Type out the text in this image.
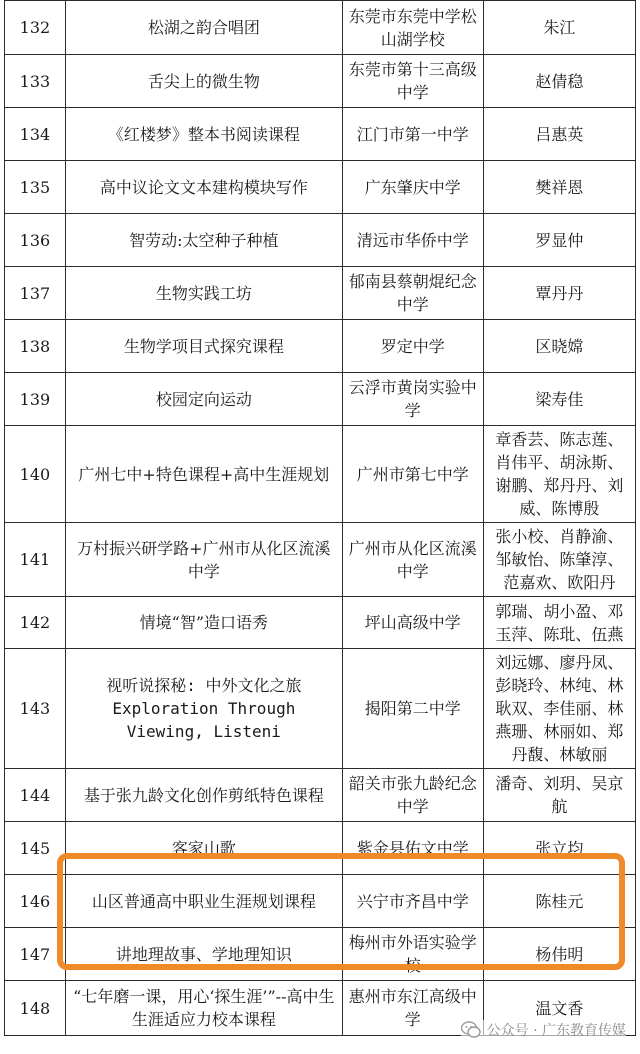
132	松湖之韵合唱团	东莞市东莞中学松山湖学校	朱江
133	舌尖上的微生物	东莞市第十三高级中学	赵倩稳
134	《红楼梦》整本书阅读课程	江门市第一中学	吕惠英
135	高中议论文文本建构模块写作	广东肇庆中学	樊祥恩
136	智劳动:太空种子种植	清远市华侨中学	罗显仲
137	生物实践工坊	郁南县蔡朝焜纪念中学	覃丹丹
138	生物学项目式探究课程	罗定中学	区晓嫦
139	校园定向运动	云浮市黄岗实验中学	梁寿佳
140	广州七中+特色课程+高中生涯规划	广州市第七中学	章香芸、陈志莲、肖伟平、胡泳斯、谢鹏、郑丹丹、刘威、陈博殷
141	万村振兴研学路+广州市从化区流溪中学	广州市从化区流溪中学	张小校、肖静渝、邹敏怡、陈肇淳、范嘉欢、欧阳丹
142	情境“智”造口语秀	坪山高级中学	郭瑞、胡小盈、邓玉萍、陈玭、伍燕
143	视听说探秘: 中外文化之旅 Exploration Through Viewing, Listeni	揭阳第二中学	刘远娜、廖丹凤、彭晓玲、林纯、林耿双、李佳丽、林燕珊、林丽如、郑丹馥、林敏丽
144	基于张九龄文化创作剪纸特色课程	韶关市张九龄纪念中学	潘奇、刘玥、吴京航
145	客家山歌	紫金县佑文中学	张立均
146	山区普通高中职业生涯规划课程	兴宁市齐昌中学	陈桂元
147	讲地理故事、学地理知识	梅州市外语实验学校	杨伟明
148	“七年磨一课，用心‘探生涯’”--高中生生涯适应力校本课程	惠州市东江高级中学	温文香
公众号 · 广东教育传媒
